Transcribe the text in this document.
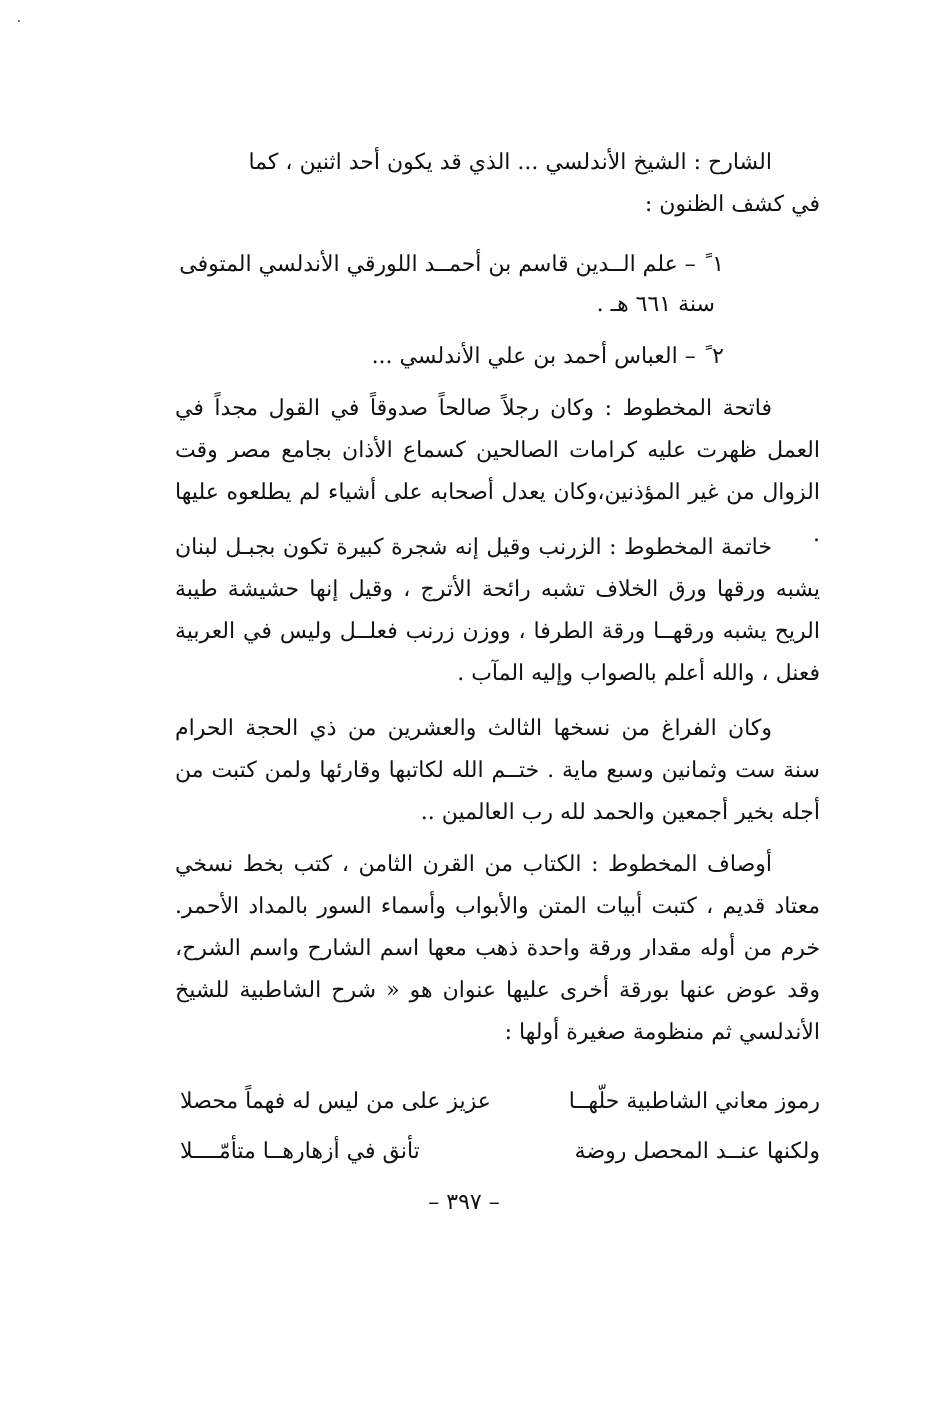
الشارح : الشيخ الأندلسي ... الذي قد يكون أحد اثنين ، كما

في كشف الظنون :

١ ً– علم الــدين قاسم بن أحمــد اللورقي الأندلسي المتوفى
سنة ٦٦١ هـ .
٢ ً– العباس أحمد بن علي الأندلسي ...

فاتحة المخطوط : وكان رجلاً صالحاً صدوقاً في القول مجداً في العمل ظهرت عليه كرامات الصالحين كسماع الأذان بجامع مصر وقت الزوال من غير المؤذنين،وكان يعدل أصحابه على أشياء لم يطلعوه عليها .

خاتمة المخطوط : الزرنب وقيل إنه شجرة كبيرة تكون بجبـل لبنان يشبه ورقها ورق الخلاف تشبه رائحة الأترج ، وقيل إنها حشيشة طيبة الريح يشبه ورقهــا ورقة الطرفا ، ووزن زرنب فعلــل وليس في العربية فعنل ، والله أعلم بالصواب وإليه المآب .

وكان الفراغ من نسخها الثالث والعشرين من ذي الحجة الحرام سنة ست وثمانين وسبع ماية . ختــم الله لكاتبها وقارئها ولمن كتبت من أجله بخير أجمعين والحمد لله رب العالمين ..

أوصاف المخطوط : الكتاب من القرن الثامن ، كتب بخط نسخي معتاد قديم ، كتبت أبيات المتن والأبواب وأسماء السور بالمداد الأحمر. خرم من أوله مقدار ورقة واحدة ذهب معها اسم الشارح واسم الشرح، وقد عوض عنها بورقة أخرى عليها عنوان هو « شرح الشاطبية للشيخ الأندلسي ثم منظومة صغيرة أولها :

رموز معاني الشاطبية حلّهــا
عزيز على من ليس له فهماً محصلا
ولكنها عنــد المحصل روضة
تأنق في أزهارهــا متأمّــــلا
– ٣٩٧ –
